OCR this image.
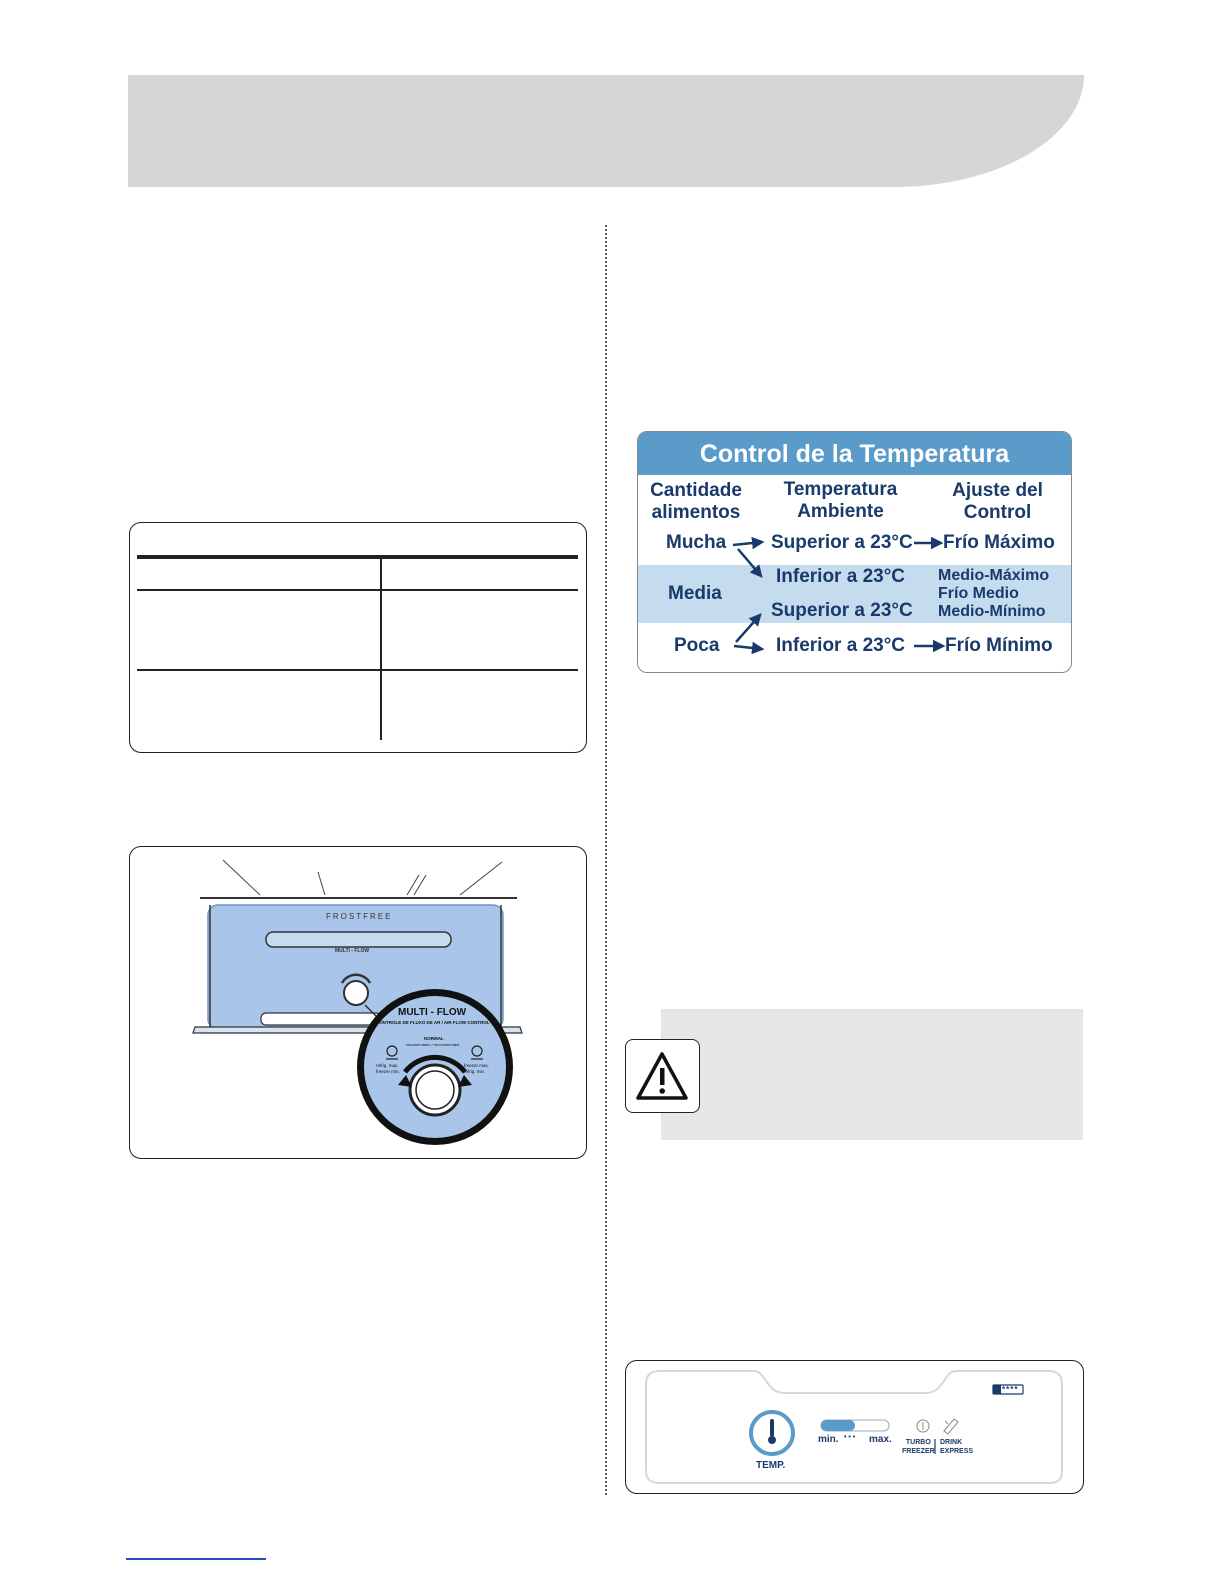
FROSTFREE
MULTI - FLOW
MULTI - FLOW
CONTROLE DE FLUXO DE AR / AIR FLOW CONTROL
NORMAL
recomendado / recommended
refrig. max.
freezer min.
freezer max.
refrig. min.
Control de la Temperatura
Cantidade
alimentos
Temperatura
Ambiente
Ajuste del
Control
Mucha Superior a 23°C Frío Máximo
Media
Inferior a 23°C
Superior a 23°C
Medio-Máximo
Frío Medio
Medio-Mínimo
Poca	Inferior a 23°C Frío Mínimo
****
TEMP.
min. • • • max.	TURBO
FREEZER
DRINK
EXPRESS
